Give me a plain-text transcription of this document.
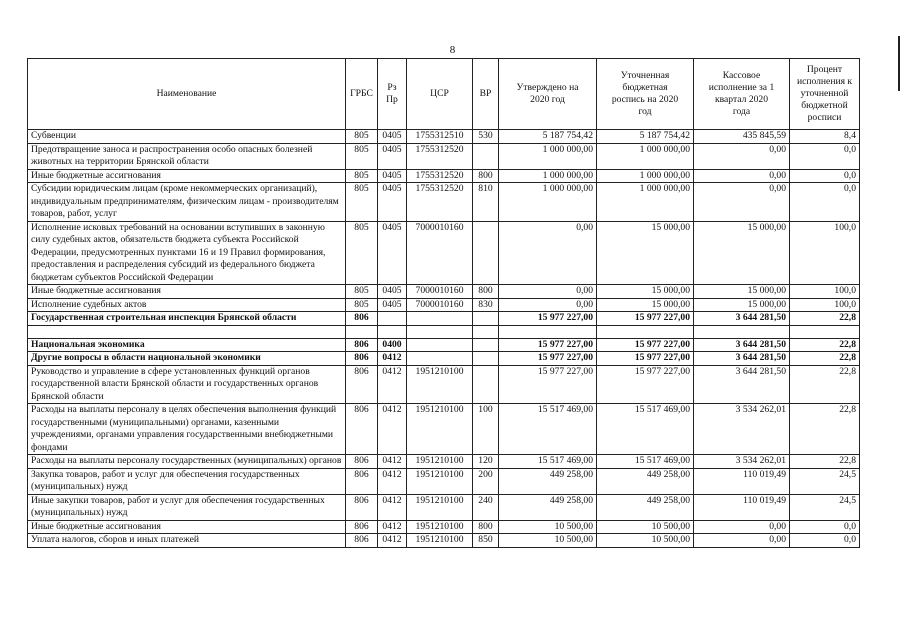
8
Наименование	ГРБС	Рз Пр	ЦСР	ВР	Утверждено на 2020 год	Уточненная бюджетная роспись на 2020 год	Кассовое исполнение за 1 квартал 2020 года	Процент исполнения к уточненной бюджетной росписи
Субвенции	805	0405	1755312510	530	5 187 754,42	5 187 754,42	435 845,59	8,4
Предотвращение заноса и распространения особо опасных болезней животных на территории Брянской области	805	0405	1755312520		1 000 000,00	1 000 000,00	0,00	0,0
Иные бюджетные ассигнования	805	0405	1755312520	800	1 000 000,00	1 000 000,00	0,00	0,0
Субсидии юридическим лицам (кроме некоммерческих организаций), индивидуальным предпринимателям, физическим лицам - производителям товаров, работ, услуг	805	0405	1755312520	810	1 000 000,00	1 000 000,00	0,00	0,0
Исполнение исковых требований на основании вступивших в законную силу судебных актов, обязательств бюджета субъекта Российской Федерации, предусмотренных пунктами 16 и 19 Правил формирования, предоставления и распределения субсидий из федерального бюджета бюджетам субъектов Российской Федерации	805	0405	7000010160		0,00	15 000,00	15 000,00	100,0
Иные бюджетные ассигнования	805	0405	7000010160	800	0,00	15 000,00	15 000,00	100,0
Исполнение судебных актов	805	0405	7000010160	830	0,00	15 000,00	15 000,00	100,0
Государственная строительная инспекция Брянской области	806				15 977 227,00	15 977 227,00	3 644 281,50	22,8

Национальная экономика	806	0400			15 977 227,00	15 977 227,00	3 644 281,50	22,8
Другие вопросы в области национальной экономики	806	0412			15 977 227,00	15 977 227,00	3 644 281,50	22,8
Руководство и управление в сфере установленных функций органов государственной власти Брянской области и государственных органов Брянской области	806	0412	1951210100		15 977 227,00	15 977 227,00	3 644 281,50	22,8
Расходы на выплаты персоналу в целях обеспечения выполнения функций государственными (муниципальными) органами, казенными учреждениями, органами управления государственными внебюджетными фондами	806	0412	1951210100	100	15 517 469,00	15 517 469,00	3 534 262,01	22,8
Расходы на выплаты персоналу государственных (муниципальных) органов	806	0412	1951210100	120	15 517 469,00	15 517 469,00	3 534 262,01	22,8
Закупка товаров, работ и услуг для обеспечения государственных (муниципальных) нужд	806	0412	1951210100	200	449 258,00	449 258,00	110 019,49	24,5
Иные закупки товаров, работ и услуг для обеспечения государственных (муниципальных) нужд	806	0412	1951210100	240	449 258,00	449 258,00	110 019,49	24,5
Иные бюджетные ассигнования	806	0412	1951210100	800	10 500,00	10 500,00	0,00	0,0
Уплата налогов, сборов и иных платежей	806	0412	1951210100	850	10 500,00	10 500,00	0,00	0,0
